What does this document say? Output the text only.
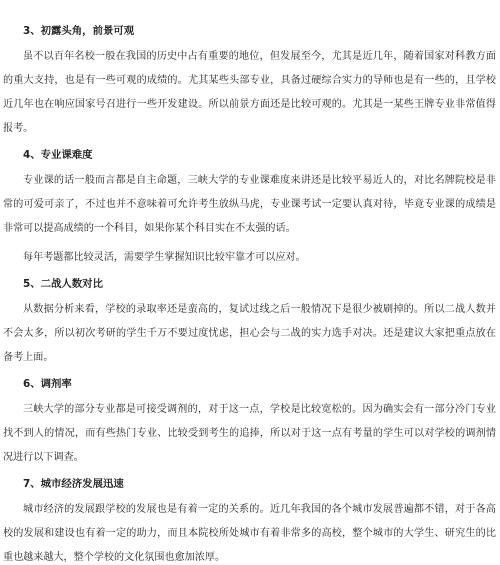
3、初露头角，前景可观
虽不以百年名校一般在我国的历史中占有重要的地位，但发展至今，尤其是近几年，随着国家对科教方面的重大支持，也是有一些可观的成绩的。尤其某些头部专业，具备过硬综合实力的导师也是有一些的，且学校近几年也在响应国家号召进行一些开发建设。所以前景方面还是比较可观的。尤其是一某些王牌专业非常值得报考。
4、专业课难度
专业课的话一般而言都是自主命题，三峡大学的专业课难度来讲还是比较平易近人的，对比名牌院校是非常的可爱可亲了，不过也并不意味着可允许考生放纵马虎，专业课考试一定要认真对待，毕竟专业课的成绩是非常可以提高成绩的一个科目，如果你某个科目实在不太强的话。
每年考题都比较灵活，需要学生掌握知识比较牢靠才可以应对。
5、二战人数对比
从数据分析来看，学校的录取率还是蛮高的，复试过线之后一般情况下是很少被刷掉的。所以二战人数并不会太多，所以初次考研的学生千万不要过度忧虑，担心会与二战的实力选手对决。还是建议大家把重点放在备考上面。
6、调剂率
三峡大学的部分专业都是可接受调剂的，对于这一点，学校是比较宽松的。因为确实会有一部分冷门专业找不到人的情况，而有些热门专业、比较受到考生的追捧，所以对于这一点有考量的学生可以对学校的调剂情况进行以下调查。
7、城市经济发展迅速
城市经济的发展跟学校的发展也是有着一定的关系的。近几年我国的各个城市发展普遍都不错，对于各高校的发展和建设也有着一定的助力，而且本院校所处城市有着非常多的高校，整个城市的大学生、研究生的比重也越来越大，整个学校的文化氛围也愈加浓厚。
